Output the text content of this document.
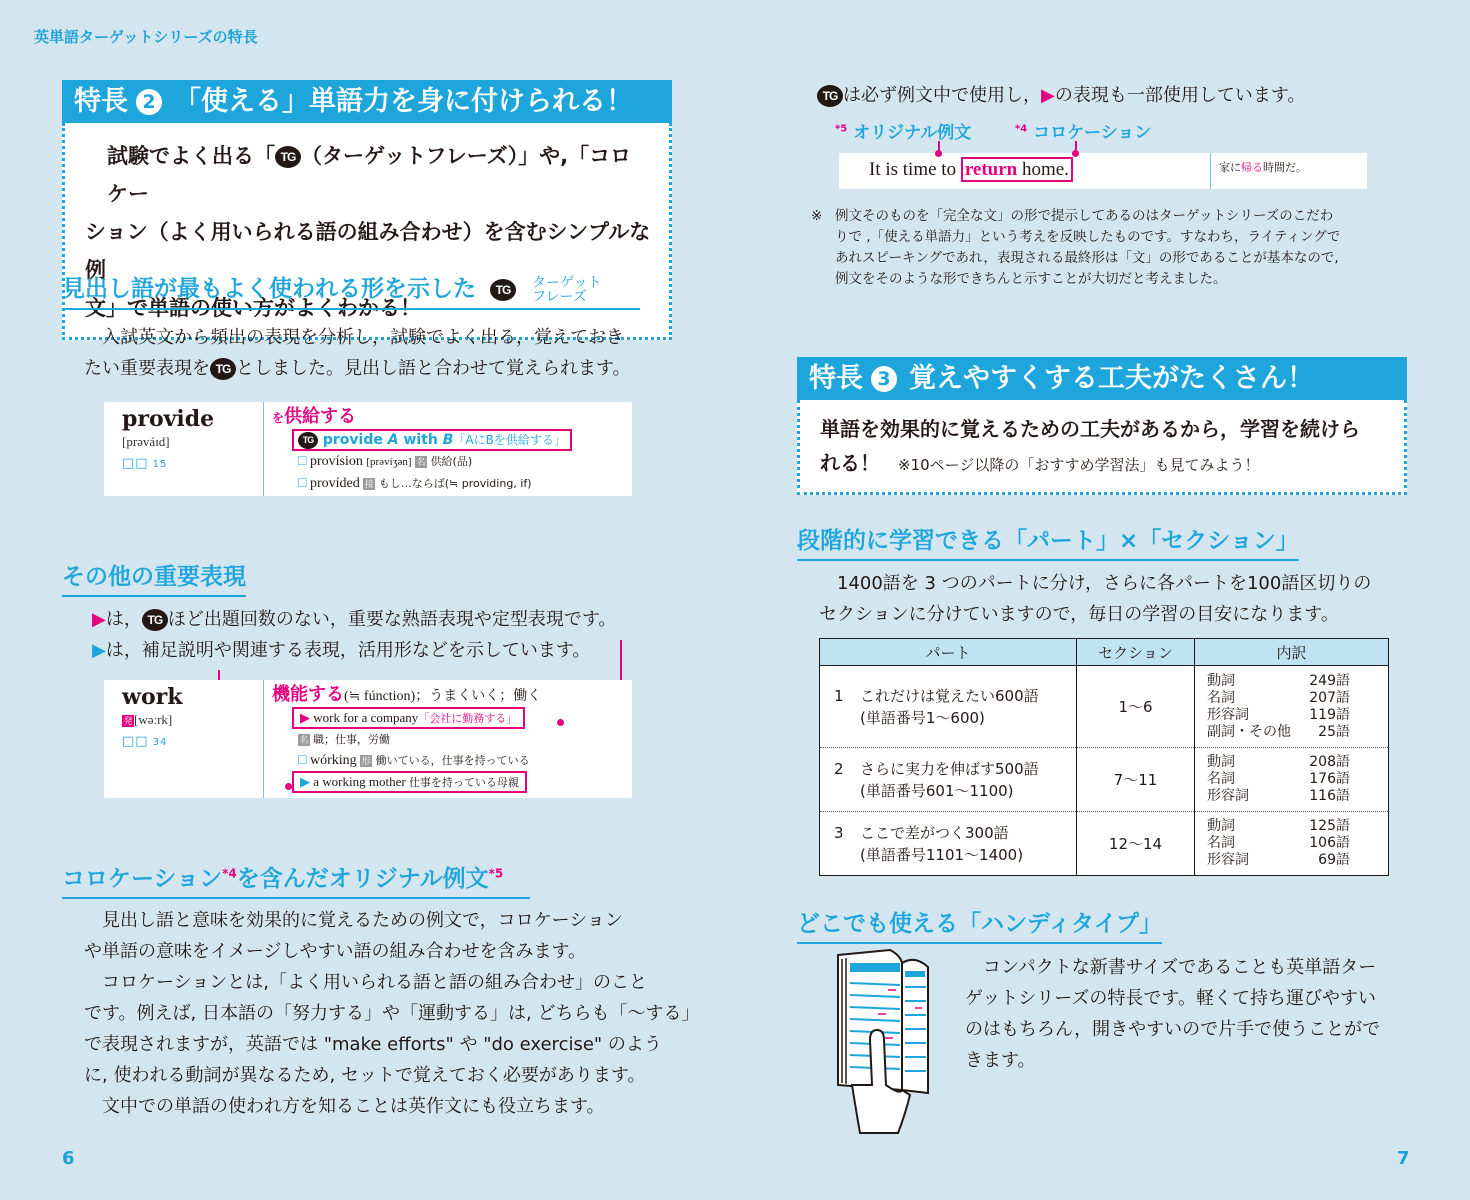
英単語ターゲットシリーズの特長
特長 2 「使える」単語力を身に付けられる！
試験でよく出る「 TG （ターゲットフレーズ）」や,「コロケー
ション（よく用いられる語の組み合わせ）を含むシンプルな例
文」で単語の使い方がよくわかる！
見出し語が最もよく使われる形を示した TG ターゲット
フレーズ
入試英文から頻出の表現を分析し，試験でよく出る，覚えておき
たい重要表現を TG としました。見出し語と合わせて覚えられます。
provide
[prəváɪd]
□□ 15
を供給する
TG provide A with B「AにBを供給する」
□ provísion [prəvíʒən] 名 供給(品)
□ províded 接 もし…ならば(≒ providing, if)
その他の重要表現
▶は， TG ほど出題回数のない，重要な熟語表現や定型表現です。
▶は，補足説明や関連する表現，活用形などを示しています。
work
発 [wəːrk]
□□ 34
機能する(≒ fúnction)；うまくいく；働く
▶ work for a company「会社に勤務する」
名 職；仕事，労働
□ wórking 形 働いている，仕事を持っている
▶ a working mother 仕事を持っている母親
コロケーション$^{*4}$を含んだオリジナル例文$^{*5}$
見出し語と意味を効果的に覚えるための例文で，コロケーション
や単語の意味をイメージしやすい語の組み合わせを含みます。
コロケーションとは,「よく用いられる語と語の組み合わせ」のこと
です。例えば, 日本語の「努力する」や「運動する」は, どちらも「～する」
で表現されますが，英語では "make efforts" や "do exercise" のよう
に, 使われる動詞が異なるため, セットで覚えておく必要があります。
文中での単語の使われ方を知ることは英作文にも役立ちます。
6
TG は必ず例文中で使用し，▶の表現も一部使用しています。
$^{*5}$ オリジナル例文	$^{*4}$ コロケーション
It is time to return home.	家に帰る時間だ。
※ 例文そのものを「完全な文」の形で提示してあるのはターゲットシリーズのこだわ
りで ,「使える単語力」という考えを反映したものです。すなわち，ライティングで
あれスピーキングであれ，表現される最終形は「文」の形であることが基本なので,
例文をそのような形できちんと示すことが大切だと考えました。
特長 3 覚えやすくする工夫がたくさん！
単語を効果的に覚えるための工夫があるから，学習を続けら
れる！ ※10ページ以降の「おすすめ学習法」も見てみよう！
段階的に学習できる「パート」×「セクション」
1400語を 3 つのパートに分け，さらに各パートを100語区切りの
セクションに分けていますので，毎日の学習の目安になります。
パート	セクション	内訳

1 これだけは覚えたい600語
(単語番号1～600)
	1～6	
動詞	249語
名詞	207語
形容詞	119語
副詞・その他 25語

2 さらに実力を伸ばす500語
(単語番号601～1100)
	7～11	
動詞	208語
名詞	176語
形容詞	116語

3 ここで差がつく300語
(単語番号1101～1400)
	12～14	
動詞	125語
名詞	106語
形容詞	69語
どこでも使える「ハンディタイプ」
コンパクトな新書サイズであることも英単語ター
ゲットシリーズの特長です。軽くて持ち運びやすい
のはもちろん，開きやすいので片手で使うことがで
きます。
7
